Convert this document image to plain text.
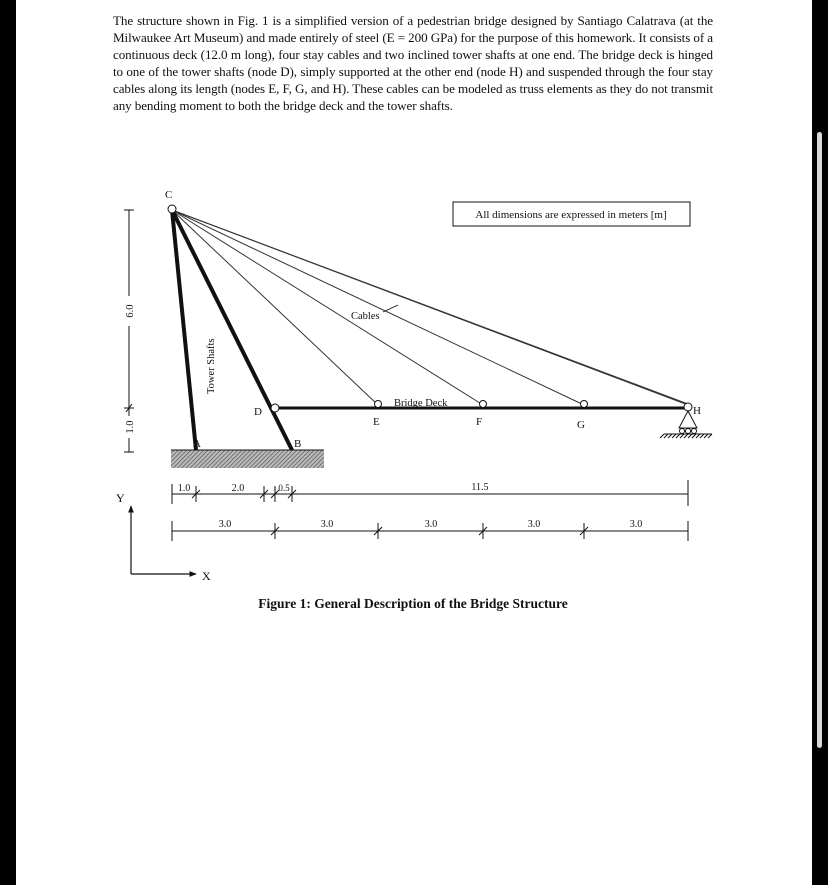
The structure shown in Fig. 1 is a simplified version of a pedestrian bridge designed by Santiago Calatrava (at the Milwaukee Art Museum) and made entirely of steel (E = 200 GPa) for the purpose of this homework. It consists of a continuous deck (12.0 m long), four stay cables and two inclined tower shafts at one end. The bridge deck is hinged to one of the tower shafts (node D), simply supported at the other end (node H) and suspended through the four stay cables along its length (nodes E, F, G, and H). These cables can be modeled as truss elements as they do not transmit any bending moment to both the bridge deck and the tower shafts.

All dimensions are expressed in meters [m]
Cables
Bridge Deck
Tower Shafts
C
D
A	B
E	F	G
H
6.0
1.0
1.0	2.0	0.5	11.5
3.0	3.0	3.0	3.0	3.0
Y
X
Figure 1: General Description of the Bridge Structure
